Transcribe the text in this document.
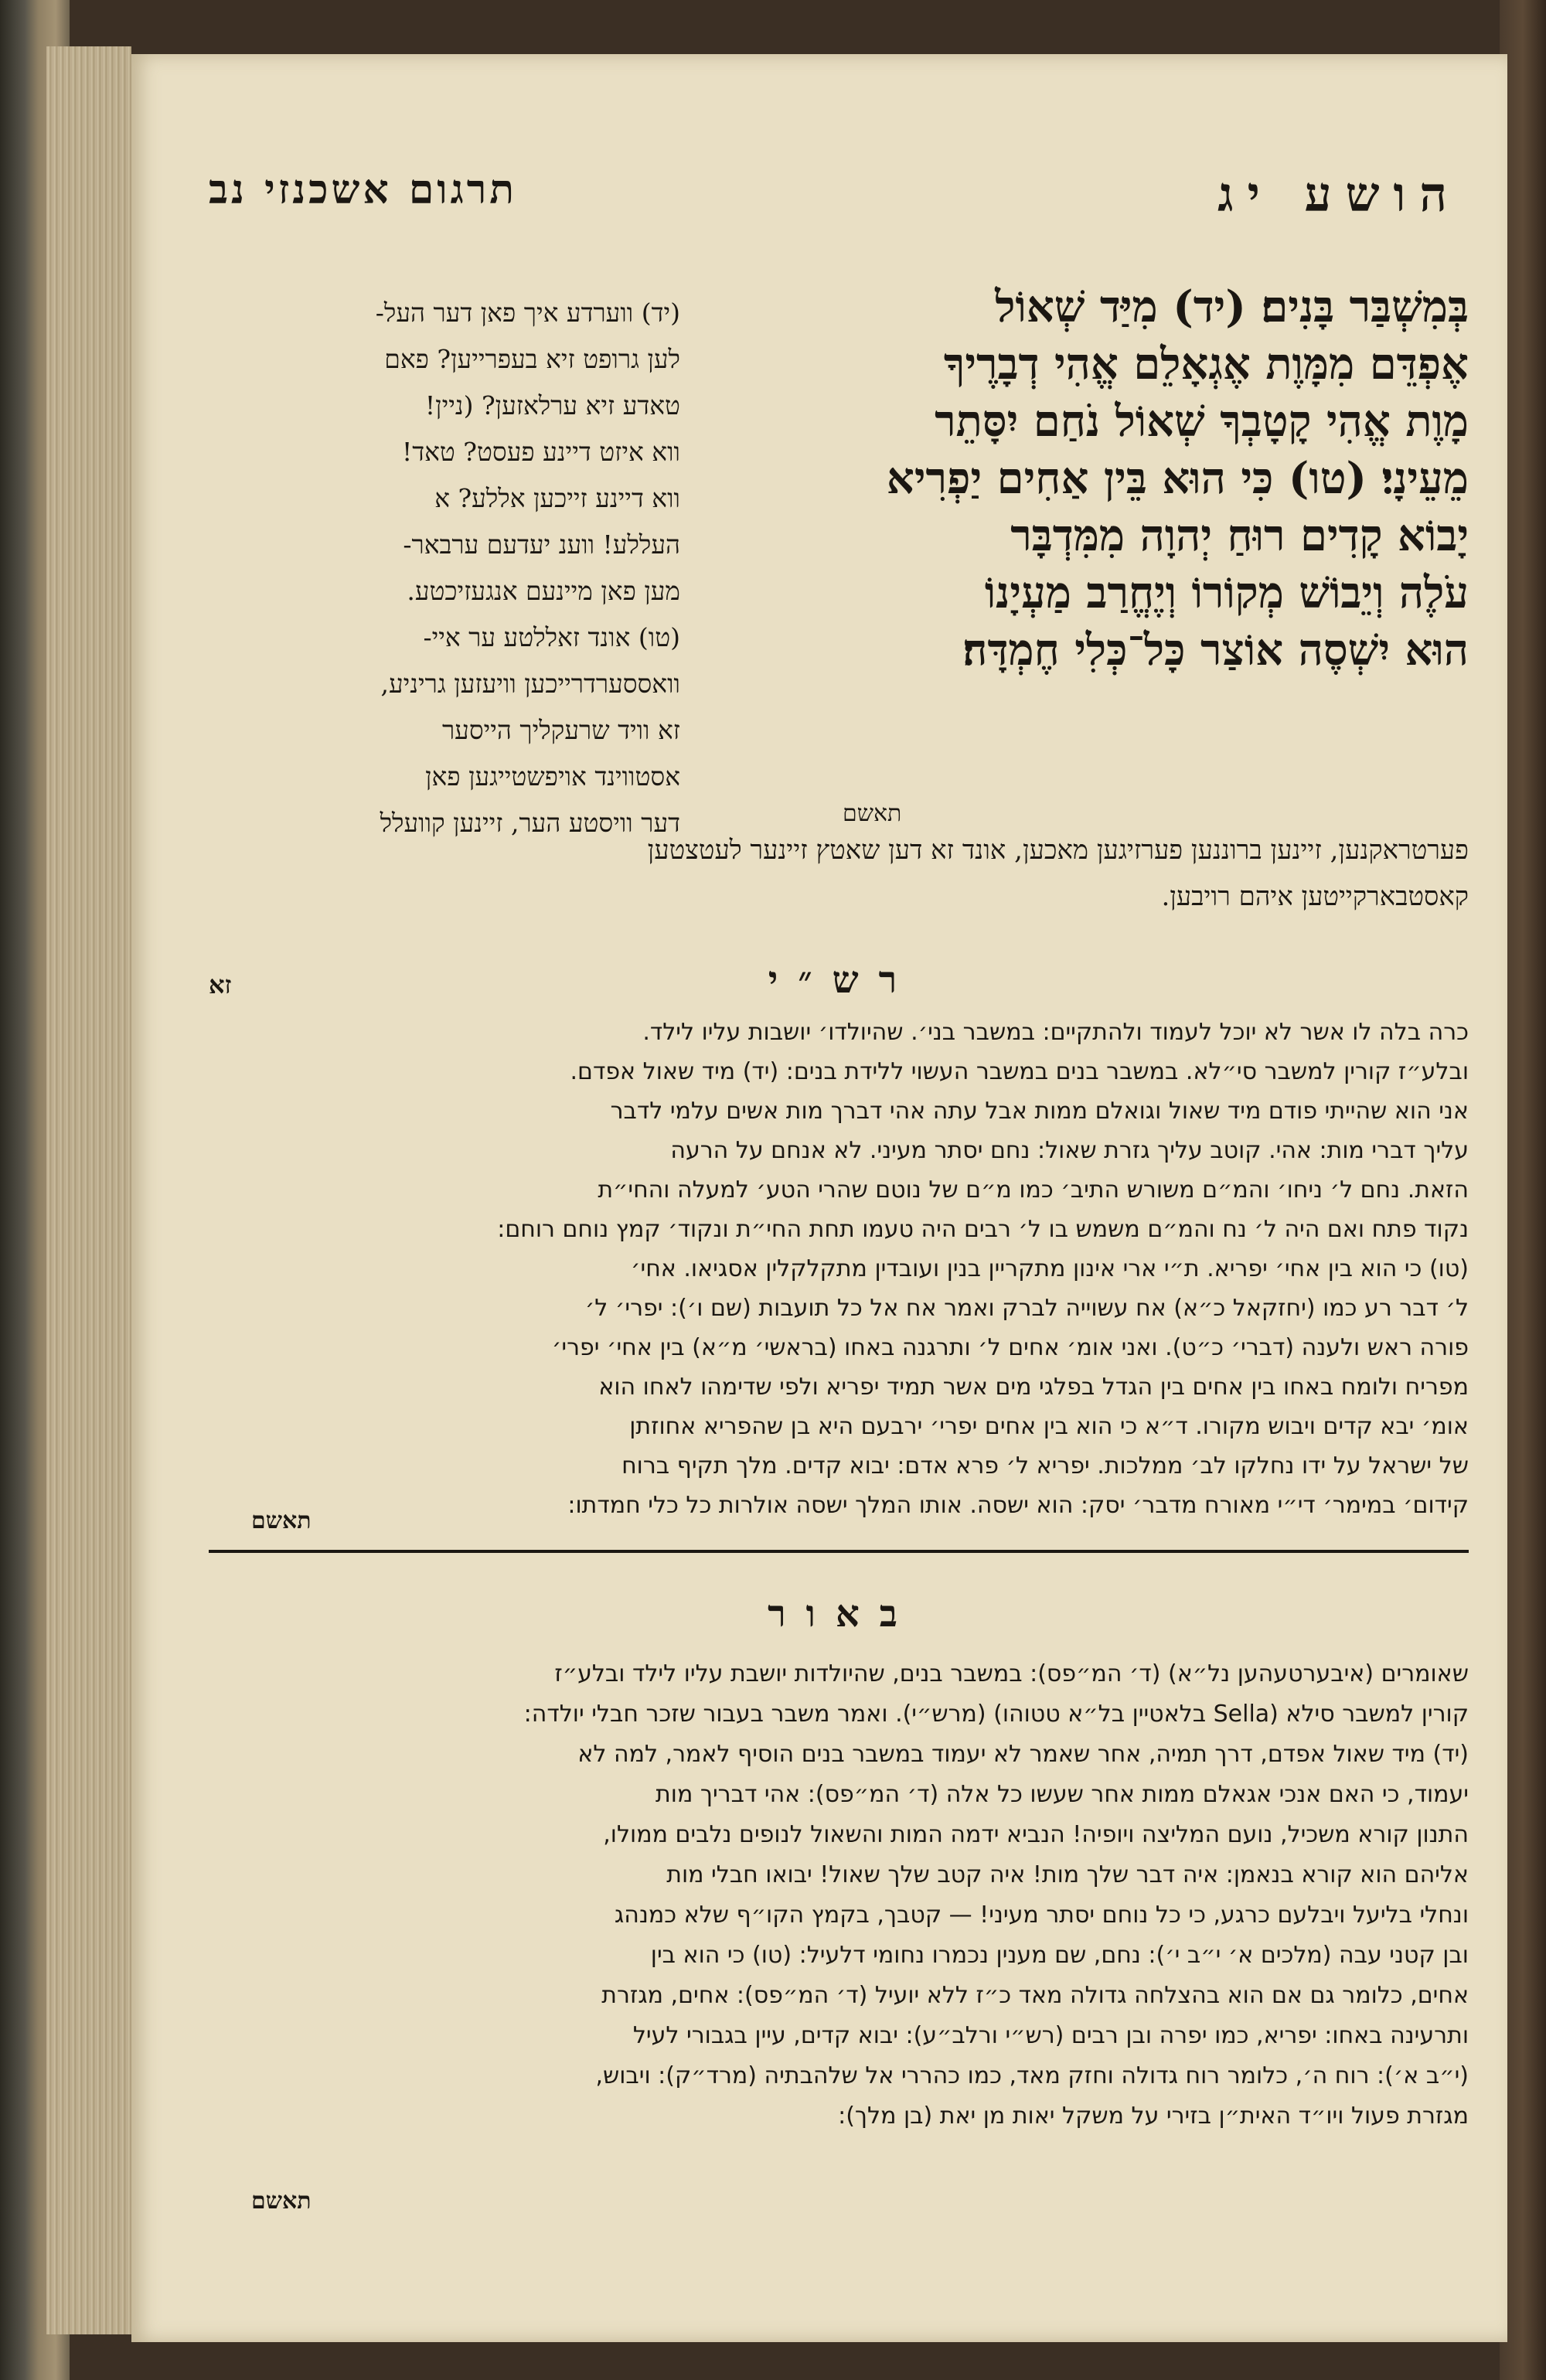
תרגום אשכנזי נב	הושע יג
בְּמִשְׁבַּר בָּנִים׃ (יד) מִיַּד שְׁאוֹל
אֶפְדֵּם מִמָּוֶת אֶגְאָלֵם אֱהִי דְבָרֶיךָ
מָוֶת אֱהִי קָטָבְךָ שְׁאוֹל נֹחַם יִסָּתֵר
מֵעֵינָי׃ (טו) כִּי הוּא בֵּין אַחִים יַפְרִיא
יָבוֹא קָדִים רוּחַ יְהוָה מִמִּדְבָּר
עֹלֶה וְיֵבוֹשׁ מְקוֹרוֹ וְיֶחֱרַב מַעְיָנוֹ
הוּא יִשְׁסֶה אוֹצַר כָּל־כְּלִי חֶמְדָּה׃
תאשם
(יד) ווערדע איך פאן דער העל-
לען גרופט זיא בעפרייען? פאם
טאדע זיא ערלאזען? (ניין!
ווא איזט דיינע פעסט? טאד!
ווא דיינע זייכען אללע? א
העללע! ווענ יעדעם ערבאר-
מען פאן מיינעם אנגעזיכטע.
(טו) אונד זאללטע ער איי-
וואססערדרייכען וויעזען גריניע,
זא וויד שרעקליך הייסער
אסטווינד אויפשטייגען פאן
דער וויסטע הער, זיינען קוועלל
פערטראקנען, זיינען ברוננען פערזיגען מאכען, אונד זא דען שאטץ זיינער לעטצטען
קאסטבארקייטען איהם רויבען.
זא	רש״י
כרה בלה לו אשר לא יוכל לעמוד ולהתקיים: במשבר בני׳. שהיולדו׳ יושבות עליו לילד.
ובלע״ז קורין למשבר סי״לא. במשבר בנים במשבר העשוי ללידת בנים: (יד) מיד שאול אפדם.
אני הוא שהייתי פודם מיד שאול וגואלם ממות אבל עתה אהי דברך מות אשים עלמי לדבר
עליך דברי מות: אהי. קוטב עליך גזרת שאול: נחם יסתר מעיני. לא אנחם על הרעה
הזאת. נחם ל׳ ניחו׳ והמ״ם משורש התיב׳ כמו מ״ם של נוטם שהרי הטע׳ למעלה והחי״ת
נקוד פתח ואם היה ל׳ נח והמ״ם משמש בו ל׳ רבים היה טעמו תחת החי״ת ונקוד׳ קמץ נוחם רוחם:
(טו) כי הוא בין אחי׳ יפריא. ת״י ארי אינון מתקריין בנין ועובדין מתקלקלין אסגיאו. אחי׳
ל׳ דבר רע כמו (יחזקאל כ״א) אח עשוייה לברק ואמר אח אל כל תועבות (שם ו׳): יפרי׳ ל׳
פורה ראש ולענה (דברי׳ כ״ט). ואני אומ׳ אחים ל׳ ותרגנה באחו (בראשי׳ מ״א) בין אחי׳ יפרי׳
מפריח ולומח באחו בין אחים בין הגדל בפלגי מים אשר תמיד יפריא ולפי שדימהו לאחו הוא
אומ׳ יבא קדים ויבוש מקורו. ד״א כי הוא בין אחים יפרי׳ ירבעם היא בן שהפריא אחוזתן
של ישראל על ידו נחלקו לב׳ ממלכות. יפריא ל׳ פרא אדם: יבוא קדים. מלך תקיף ברוח
קידום׳ במימר׳ די״י מאורח מדבר׳ יסק: הוא ישסה. אותו המלך ישסה אולרות כל כלי חמדתו:
תאשם
באור
שאומרים (איבערטעהען נל״א) (ד׳ המ״פס): במשבר בנים, שהיולדות יושבת עליו לילד ובלע״ז
קורין למשבר סילא (Sella בלאטיין בל״א טטוהו) (מרש״י). ואמר משבר בעבור שזכר חבלי יולדה:
(יד) מיד שאול אפדם, דרך תמיה, אחר שאמר לא יעמוד במשבר בנים הוסיף לאמר, למה לא
יעמוד, כי האם אנכי אגאלם ממות אחר שעשו כל אלה (ד׳ המ״פס): אהי דבריך מות
התנון קורא משכיל, נועם המליצה ויופיה! הנביא ידמה המות והשאול לנופים נלבים ממולו,
אליהם הוא קורא בנאמן: איה דבר שלך מות! איה קטב שלך שאול! יבואו חבלי מות
ונחלי בליעל ויבלעם כרגע, כי כל נוחם יסתר מעיני! — קטבך, בקמץ הקו״ף שלא כמנהג
ובן קטני עבה (מלכים א׳ י״ב י׳): נחם, שם מענין נכמרו נחומי דלעיל: (טו) כי הוא בין
אחים, כלומר גם אם הוא בהצלחה גדולה מאד כ״ז ללא יועיל (ד׳ המ״פס): אחים, מגזרת
ותרעינה באחו: יפריא, כמו יפרה ובן רבים (רש״י ורלב״ע): יבוא קדים, עיין בגבורי לעיל
(י״ב א׳): רוח ה׳, כלומר רוח גדולה וחזק מאד, כמו כהררי אל שלהבתיה (מרד״ק): ויבוש,
מגזרת פעול ויו״ד האית״ן בזירי על משקל יאות מן יאת (בן מלך):
תאשם
